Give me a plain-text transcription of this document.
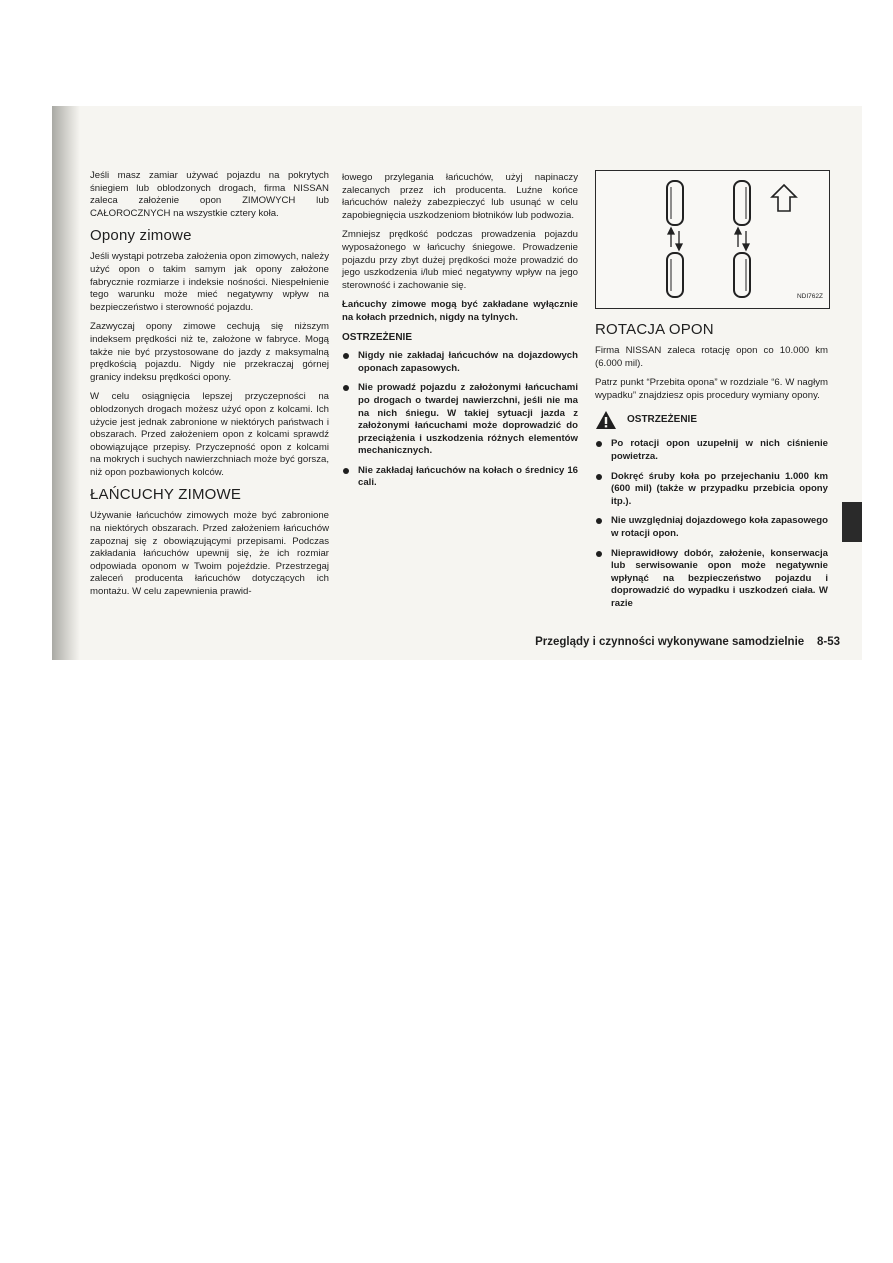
Jeśli masz zamiar używać pojazdu na pokrytych śniegiem lub oblodzonych drogach, firma NISSAN zaleca założenie opon ZIMOWYCH lub CAŁOROCZNYCH na wszystkie cztery koła.

Opony zimowe

Jeśli wystąpi potrzeba założenia opon zimowych, należy użyć opon o takim samym jak opony założone fabrycznie rozmiarze i indeksie nośności. Niespełnienie tego warunku może mieć negatywny wpływ na bezpieczeństwo i sterowność pojazdu.

Zazwyczaj opony zimowe cechują się niższym indeksem prędkości niż te, założone w fabryce. Mogą także nie być przystosowane do jazdy z maksymalną prędkością pojazdu. Nigdy nie przekraczaj górnej granicy indeksu prędkości opony.

W celu osiągnięcia lepszej przyczepności na oblodzonych drogach możesz użyć opon z kolcami. Ich użycie jest jednak zabronione w niektórych państwach i obszarach. Przed założeniem opon z kolcami sprawdź obowiązujące przepisy. Przyczepność opon z kolcami na mokrych i suchych nawierzchniach może być gorsza, niż opon pozbawionych kolców.

ŁAŃCUCHY ZIMOWE

Używanie łańcuchów zimowych może być zabronione na niektórych obszarach. Przed założeniem łańcuchów zapoznaj się z obowiązującymi przepisami. Podczas zakładania łańcuchów upewnij się, że ich rozmiar odpowiada oponom w Twoim pojeździe. Przestrzegaj zaleceń producenta łańcuchów dotyczących ich montażu. W celu zapewnienia prawid-

łowego przylegania łańcuchów, użyj napinaczy zalecanych przez ich producenta. Luźne końce łańcuchów należy zabezpieczyć lub usunąć w celu zapobiegnięcia uszkodzeniom błotników lub podwozia.

Zmniejsz prędkość podczas prowadzenia pojazdu wyposażonego w łańcuchy śniegowe. Prowadzenie pojazdu przy zbyt dużej prędkości może prowadzić do jego uszkodzenia i/lub mieć negatywny wpływ na jego sterowność i zachowanie się.

Łańcuchy zimowe mogą być zakładane wyłącznie na kołach przednich, nigdy na tylnych.

OSTRZEŻENIE
Nigdy nie zakładaj łańcuchów na dojazdowych oponach zapasowych.
Nie prowadź pojazdu z założonymi łańcuchami po drogach o twardej nawierzchni, jeśli nie ma na nich śniegu. W takiej sytuacji jazda z założonymi łańcuchami może doprowadzić do przeciążenia i uszkodzenia różnych elementów mechanicznych.
Nie zakładaj łańcuchów na kołach o średnicy 16 cali.
NDI762Z
ROTACJA OPON

Firma NISSAN zaleca rotację opon co 10.000 km (6.000 mil).

Patrz punkt “Przebita opona” w rozdziale “6. W nagłym wypadku” znajdziesz opis procedury wymiany opony.

OSTRZEŻENIE
Po rotacji opon uzupełnij w nich ciśnienie powietrza.
Dokręć śruby koła po przejechaniu 1.000 km (600 mil) (także w przypadku przebicia opony itp.).
Nie uwzględniaj dojazdowego koła zapasowego w rotacji opon.
Nieprawidłowy dobór, założenie, konserwacja lub serwisowanie opon może negatywnie wpłynąć na bezpieczeństwo pojazdu i doprowadzić do wypadku i uszkodzeń ciała. W razie
Przeglądy i czynności wykonywane samodzielnie 8-53
